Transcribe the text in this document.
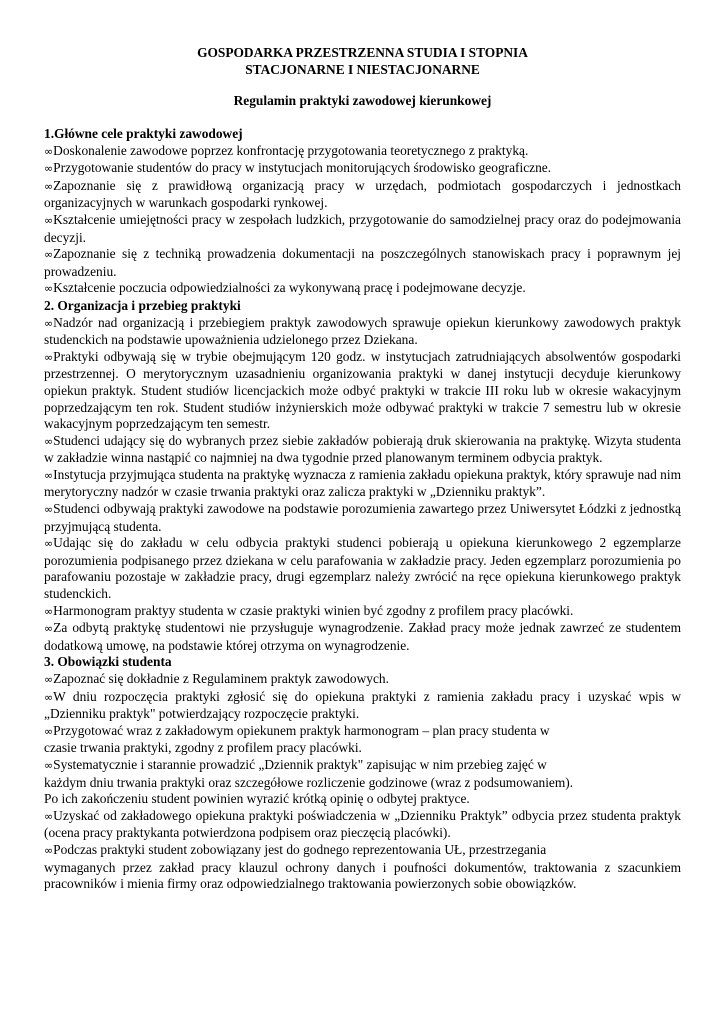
GOSPODARKA PRZESTRZENNA STUDIA I STOPNIA

STACJONARNE I NIESTACJONARNE

Regulamin praktyki zawodowej kierunkowej

1.Główne cele praktyki zawodowej

∞Doskonalenie zawodowe poprzez konfrontację przygotowania teoretycznego z praktyką.

∞Przygotowanie studentów do pracy w instytucjach monitorujących środowisko geograficzne.

∞Zapoznanie się z prawidłową organizacją pracy w urzędach, podmiotach gospodarczych i jednostkach organizacyjnych w warunkach gospodarki rynkowej.

∞Kształcenie umiejętności pracy w zespołach ludzkich, przygotowanie do samodzielnej pracy oraz do podejmowania decyzji.

∞Zapoznanie się z techniką prowadzenia dokumentacji na poszczególnych stanowiskach pracy i poprawnym jej prowadzeniu.

∞Kształcenie poczucia odpowiedzialności za wykonywaną pracę i podejmowane decyzje.

2. Organizacja i przebieg praktyki

∞Nadzór nad organizacją i przebiegiem praktyk zawodowych sprawuje opiekun kierunkowy zawodowych praktyk studenckich na podstawie upoważnienia udzielonego przez Dziekana.

∞Praktyki odbywają się w trybie obejmującym 120 godz. w instytucjach zatrudniających absolwentów gospodarki przestrzennej. O merytorycznym uzasadnieniu organizowania praktyki w danej instytucji decyduje kierunkowy opiekun praktyk. Student studiów licencjackich może odbyć praktyki w trakcie III roku lub w okresie wakacyjnym poprzedzającym ten rok. Student studiów inżynierskich może odbywać praktyki w trakcie 7 semestru lub w okresie wakacyjnym poprzedzającym ten semestr.

∞Studenci udający się do wybranych przez siebie zakładów pobierają druk skierowania na praktykę. Wizyta studenta w zakładzie winna nastąpić co najmniej na dwa tygodnie przed planowanym terminem odbycia praktyk.

∞Instytucja przyjmująca studenta na praktykę wyznacza z ramienia zakładu opiekuna praktyk, który sprawuje nad nim merytoryczny nadzór w czasie trwania praktyki oraz zalicza praktyki w „Dzienniku praktyk”.

∞Studenci odbywają praktyki zawodowe na podstawie porozumienia zawartego przez Uniwersytet Łódzki z jednostką przyjmującą studenta.

∞Udając się do zakładu w celu odbycia praktyki studenci pobierają u opiekuna kierunkowego 2 egzemplarze porozumienia podpisanego przez dziekana w celu parafowania w zakładzie pracy. Jeden egzemplarz porozumienia po parafowaniu pozostaje w zakładzie pracy, drugi egzemplarz należy zwrócić na ręce opiekuna kierunkowego praktyk studenckich.

∞Harmonogram praktyy studenta w czasie praktyki winien być zgodny z profilem pracy placówki.

∞Za odbytą praktykę studentowi nie przysługuje wynagrodzenie. Zakład pracy może jednak zawrzeć ze studentem dodatkową umowę, na podstawie której otrzyma on wynagrodzenie.

3. Obowiązki studenta

∞Zapoznać się dokładnie z Regulaminem praktyk zawodowych.

∞W dniu rozpoczęcia praktyki zgłosić się do opiekuna praktyki z ramienia zakładu pracy i uzyskać wpis w „Dzienniku praktyk" potwierdzający rozpoczęcie praktyki.

∞Przygotować wraz z zakładowym opiekunem praktyk harmonogram – plan pracy studenta w
czasie trwania praktyki, zgodny z profilem pracy placówki.

∞Systematycznie i starannie prowadzić „Dziennik praktyk" zapisując w nim przebieg zajęć w
każdym dniu trwania praktyki oraz szczegółowe rozliczenie godzinowe (wraz z podsumowaniem).
Po ich zakończeniu student powinien wyrazić krótką opinię o odbytej praktyce.

∞Uzyskać od zakładowego opiekuna praktyki poświadczenia w „Dzienniku Praktyk” odbycia przez studenta praktyk (ocena pracy praktykanta potwierdzona podpisem oraz pieczęcią placówki).

∞Podczas praktyki student zobowiązany jest do godnego reprezentowania UŁ, przestrzegania

wymaganych przez zakład pracy klauzul ochrony danych i poufności dokumentów, traktowania z szacunkiem pracowników i mienia firmy oraz odpowiedzialnego traktowania powierzonych sobie obowiązków.
